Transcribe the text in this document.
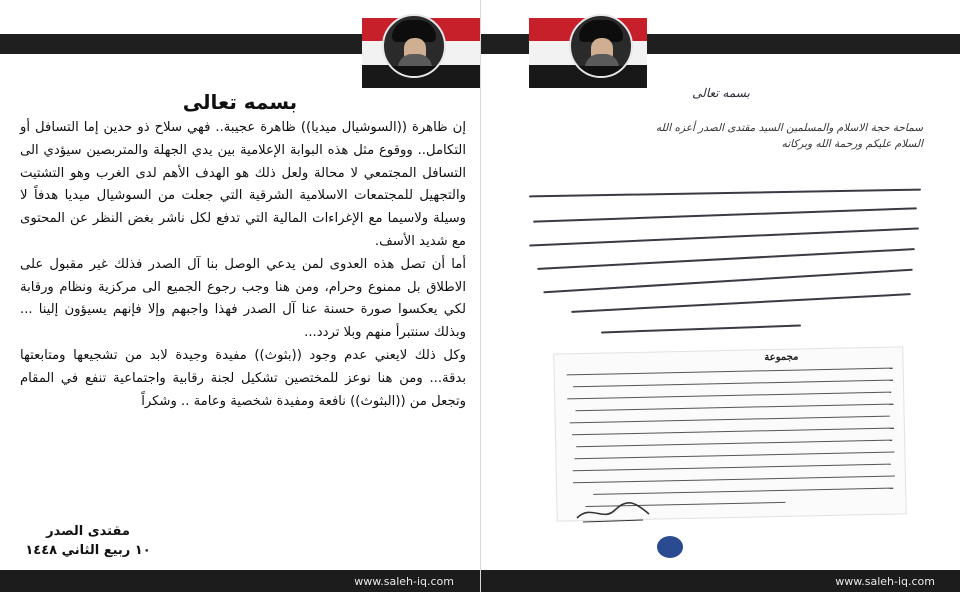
بسمه تعالى

إن ظاهرة ((السوشيال ميديا)) ظاهرة عجيبة.. فهي سلاح ذو حدين إما التسافل أو التكامل.. ووقوع مثل هذه البوابة الإعلامية بين يدي الجهلة والمتربصين سيؤدي الى التسافل المجتمعي لا محالة ولعل ذلك هو الهدف الأهم لدى الغرب وهو التشتيت والتجهيل للمجتمعات الاسلامية الشرقية التي جعلت من السوشيال ميديا هدفاً لا وسيلة ولاسيما مع الإغراءات المالية التي تدفع لكل ناشر بغض النظر عن المحتوى مع شديد الأسف.

أما أن تصل هذه العدوى لمن يدعي الوصل بنا آل الصدر فذلك غير مقبول على الاطلاق بل ممنوع وحرام، ومن هنا وجب رجوع الجميع الى مركزية ونظام ورقابة لكي يعكسوا صورة حسنة عنا آل الصدر فهذا واجبهم وإلا فإنهم يسيؤون إلينا ... وبذلك سنتبرأ منهم وبلا تردد...

وكل ذلك لايعني عدم وجود ((بثوث)) مفيدة وجيدة لابد من تشجيعها ومتابعتها بدقة... ومن هنا نوعز للمختصين تشكيل لجنة رقابية واجتماعية تنفع في المقام وتجعل من ((البثوث)) نافعة ومفيدة شخصية وعامة .. وشكراً

مقتدى الصدر
١٠ ربيع الثاني ١٤٤٨
www.saleh-iq.com
بسمه تعالى
سماحة حجة الاسلام والمسلمين السيد مقتدى الصدر أعزه الله
السلام عليكم ورحمة الله وبركاته
مجموعة
www.saleh-iq.com
